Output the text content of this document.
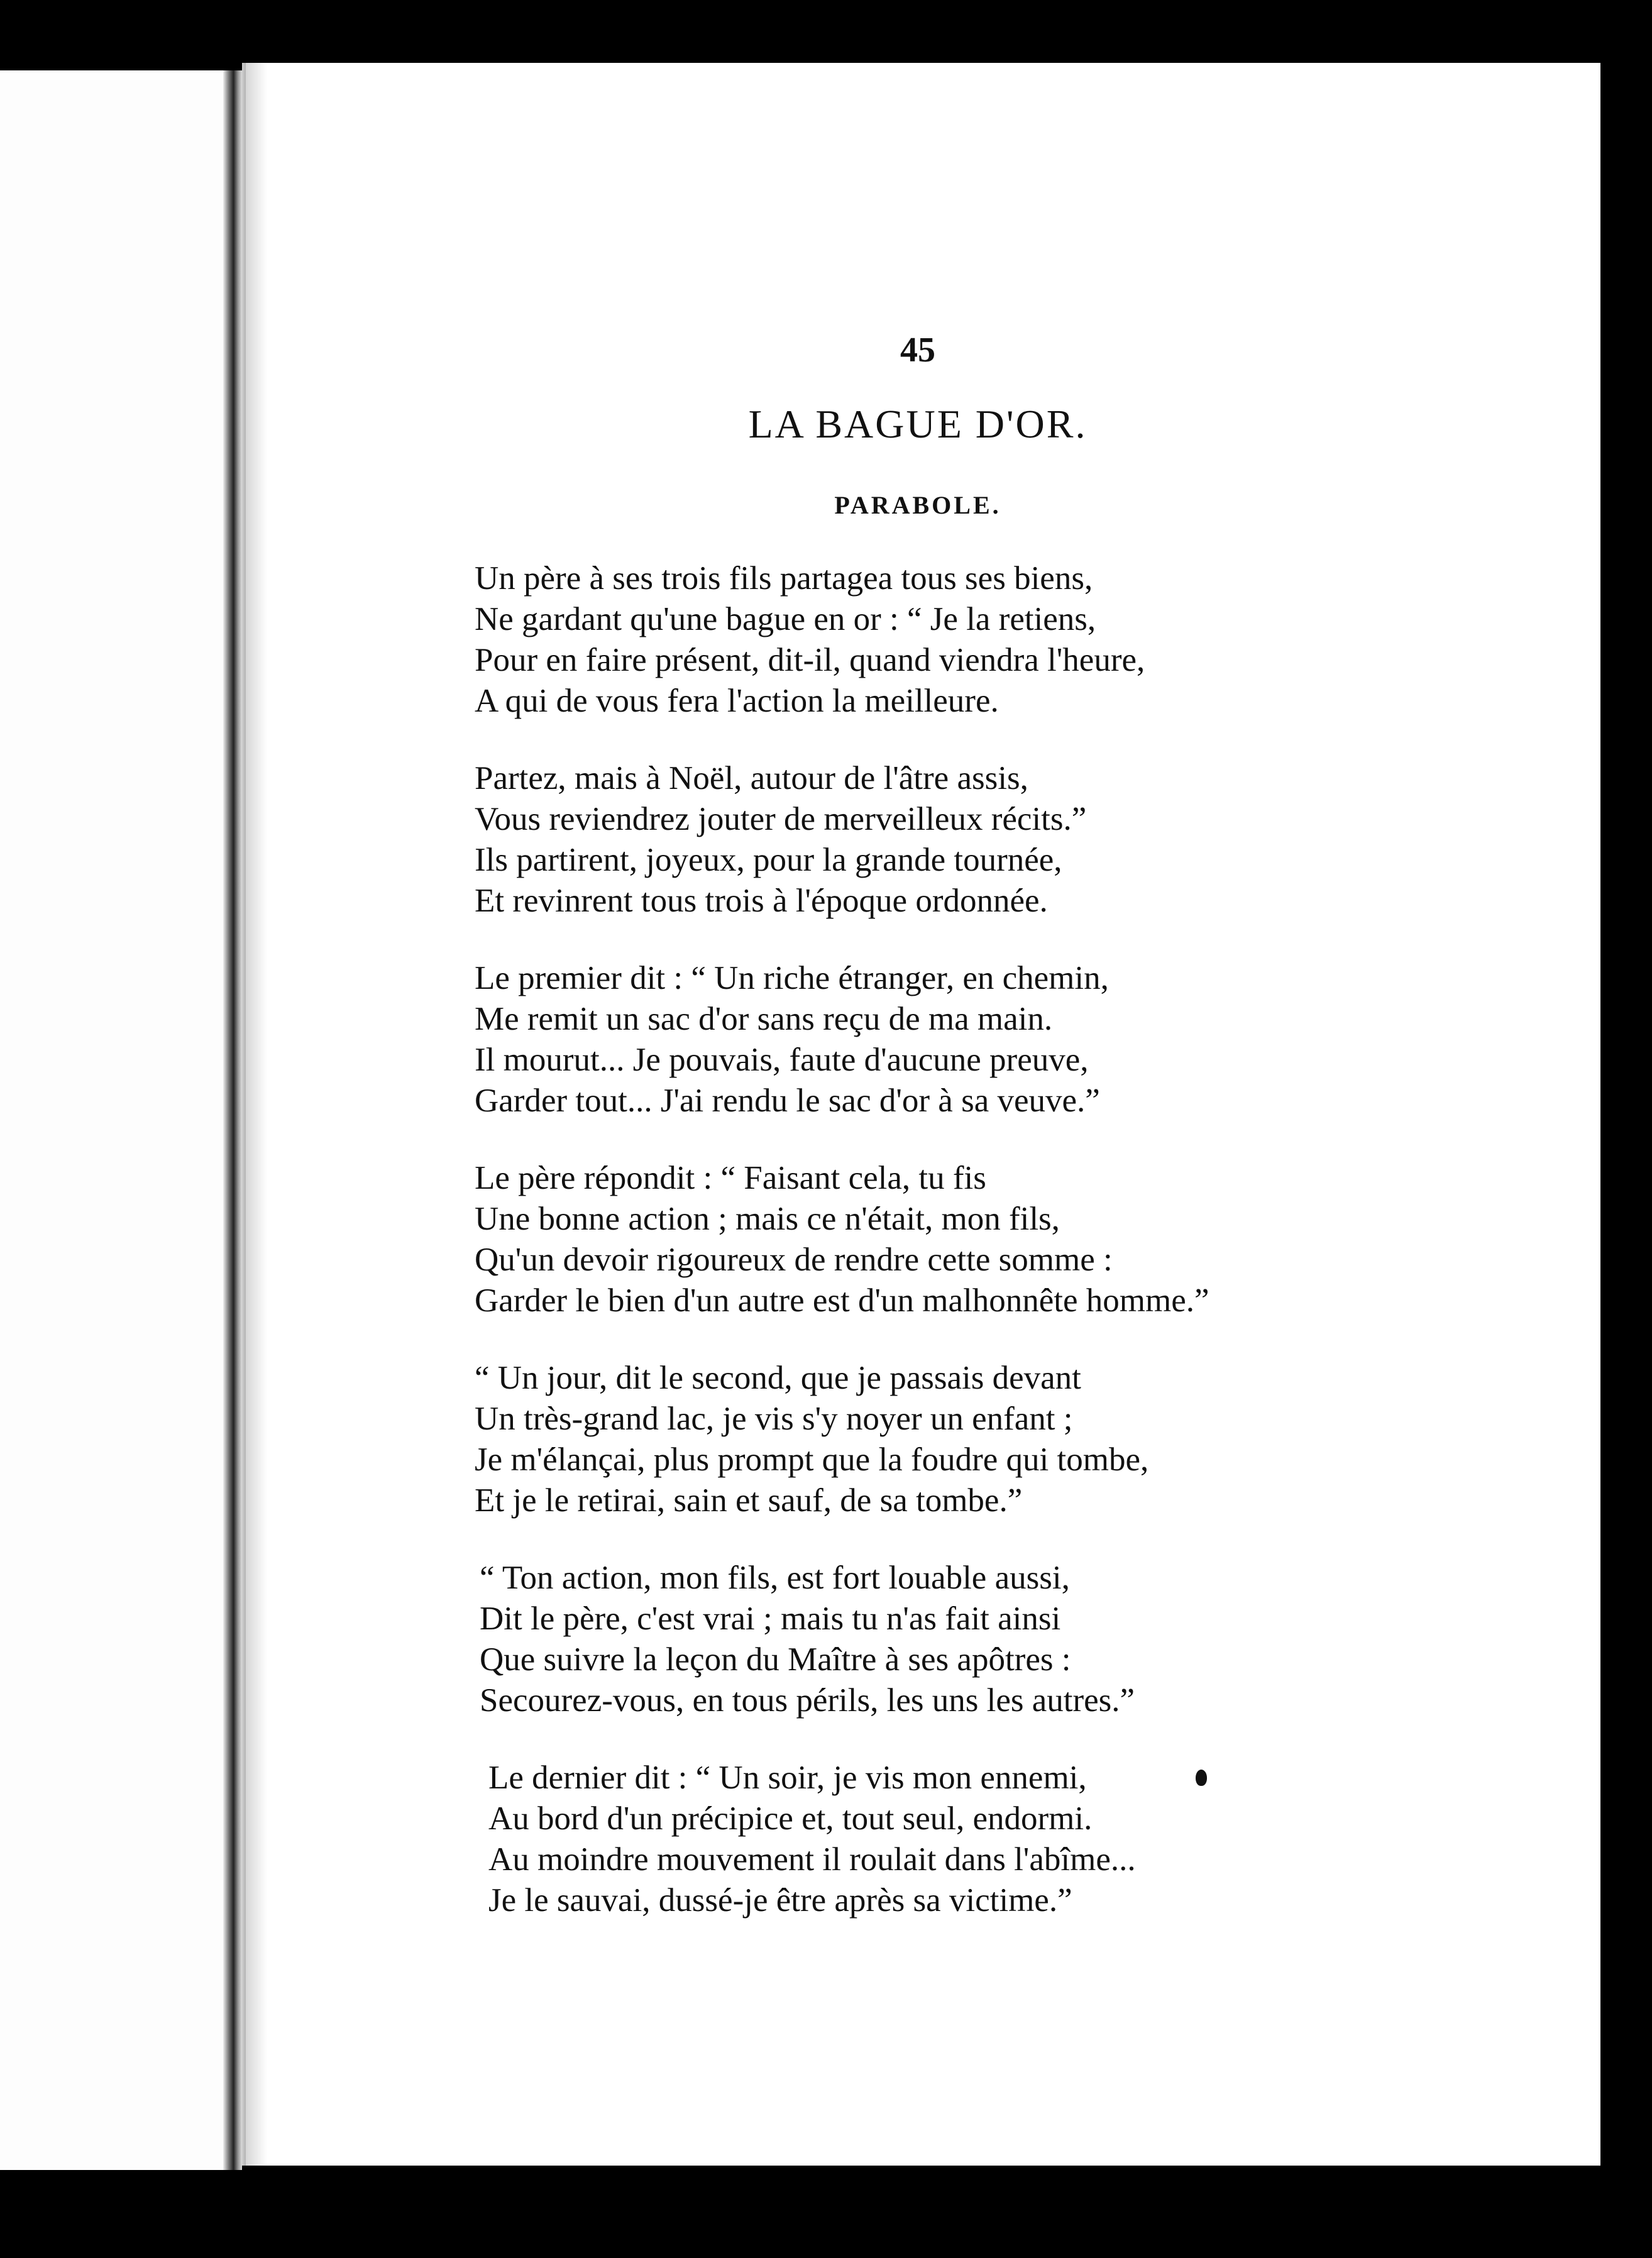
45

LA BAGUE D'OR.
PARABOLE.

Un père à ses trois fils partagea tous ses biens,

Ne gardant qu'une bague en or : “ Je la retiens,

Pour en faire présent, dit-il, quand viendra l'heure,

A qui de vous fera l'action la meilleure.

Partez, mais à Noël, autour de l'âtre assis,

Vous reviendrez jouter de merveilleux récits.”

Ils partirent, joyeux, pour la grande tournée,

Et revinrent tous trois à l'époque ordonnée.

Le premier dit : “ Un riche étranger, en chemin,

Me remit un sac d'or sans reçu de ma main.

Il mourut... Je pouvais, faute d'aucune preuve,

Garder tout... J'ai rendu le sac d'or à sa veuve.”

Le père répondit : “ Faisant cela, tu fis

Une bonne action ; mais ce n'était, mon fils,

Qu'un devoir rigoureux de rendre cette somme :

Garder le bien d'un autre est d'un malhonnête homme.”

“ Un jour, dit le second, que je passais devant

Un très-grand lac, je vis s'y noyer un enfant ;

Je m'élançai, plus prompt que la foudre qui tombe,

Et je le retirai, sain et sauf, de sa tombe.”

“ Ton action, mon fils, est fort louable aussi,

Dit le père, c'est vrai ; mais tu n'as fait ainsi

Que suivre la leçon du Maître à ses apôtres :

Secourez-vous, en tous périls, les uns les autres.”

Le dernier dit : “ Un soir, je vis mon ennemi,

Au bord d'un précipice et, tout seul, endormi.

Au moindre mouvement il roulait dans l'abîme...

Je le sauvai, dussé-je être après sa victime.”
